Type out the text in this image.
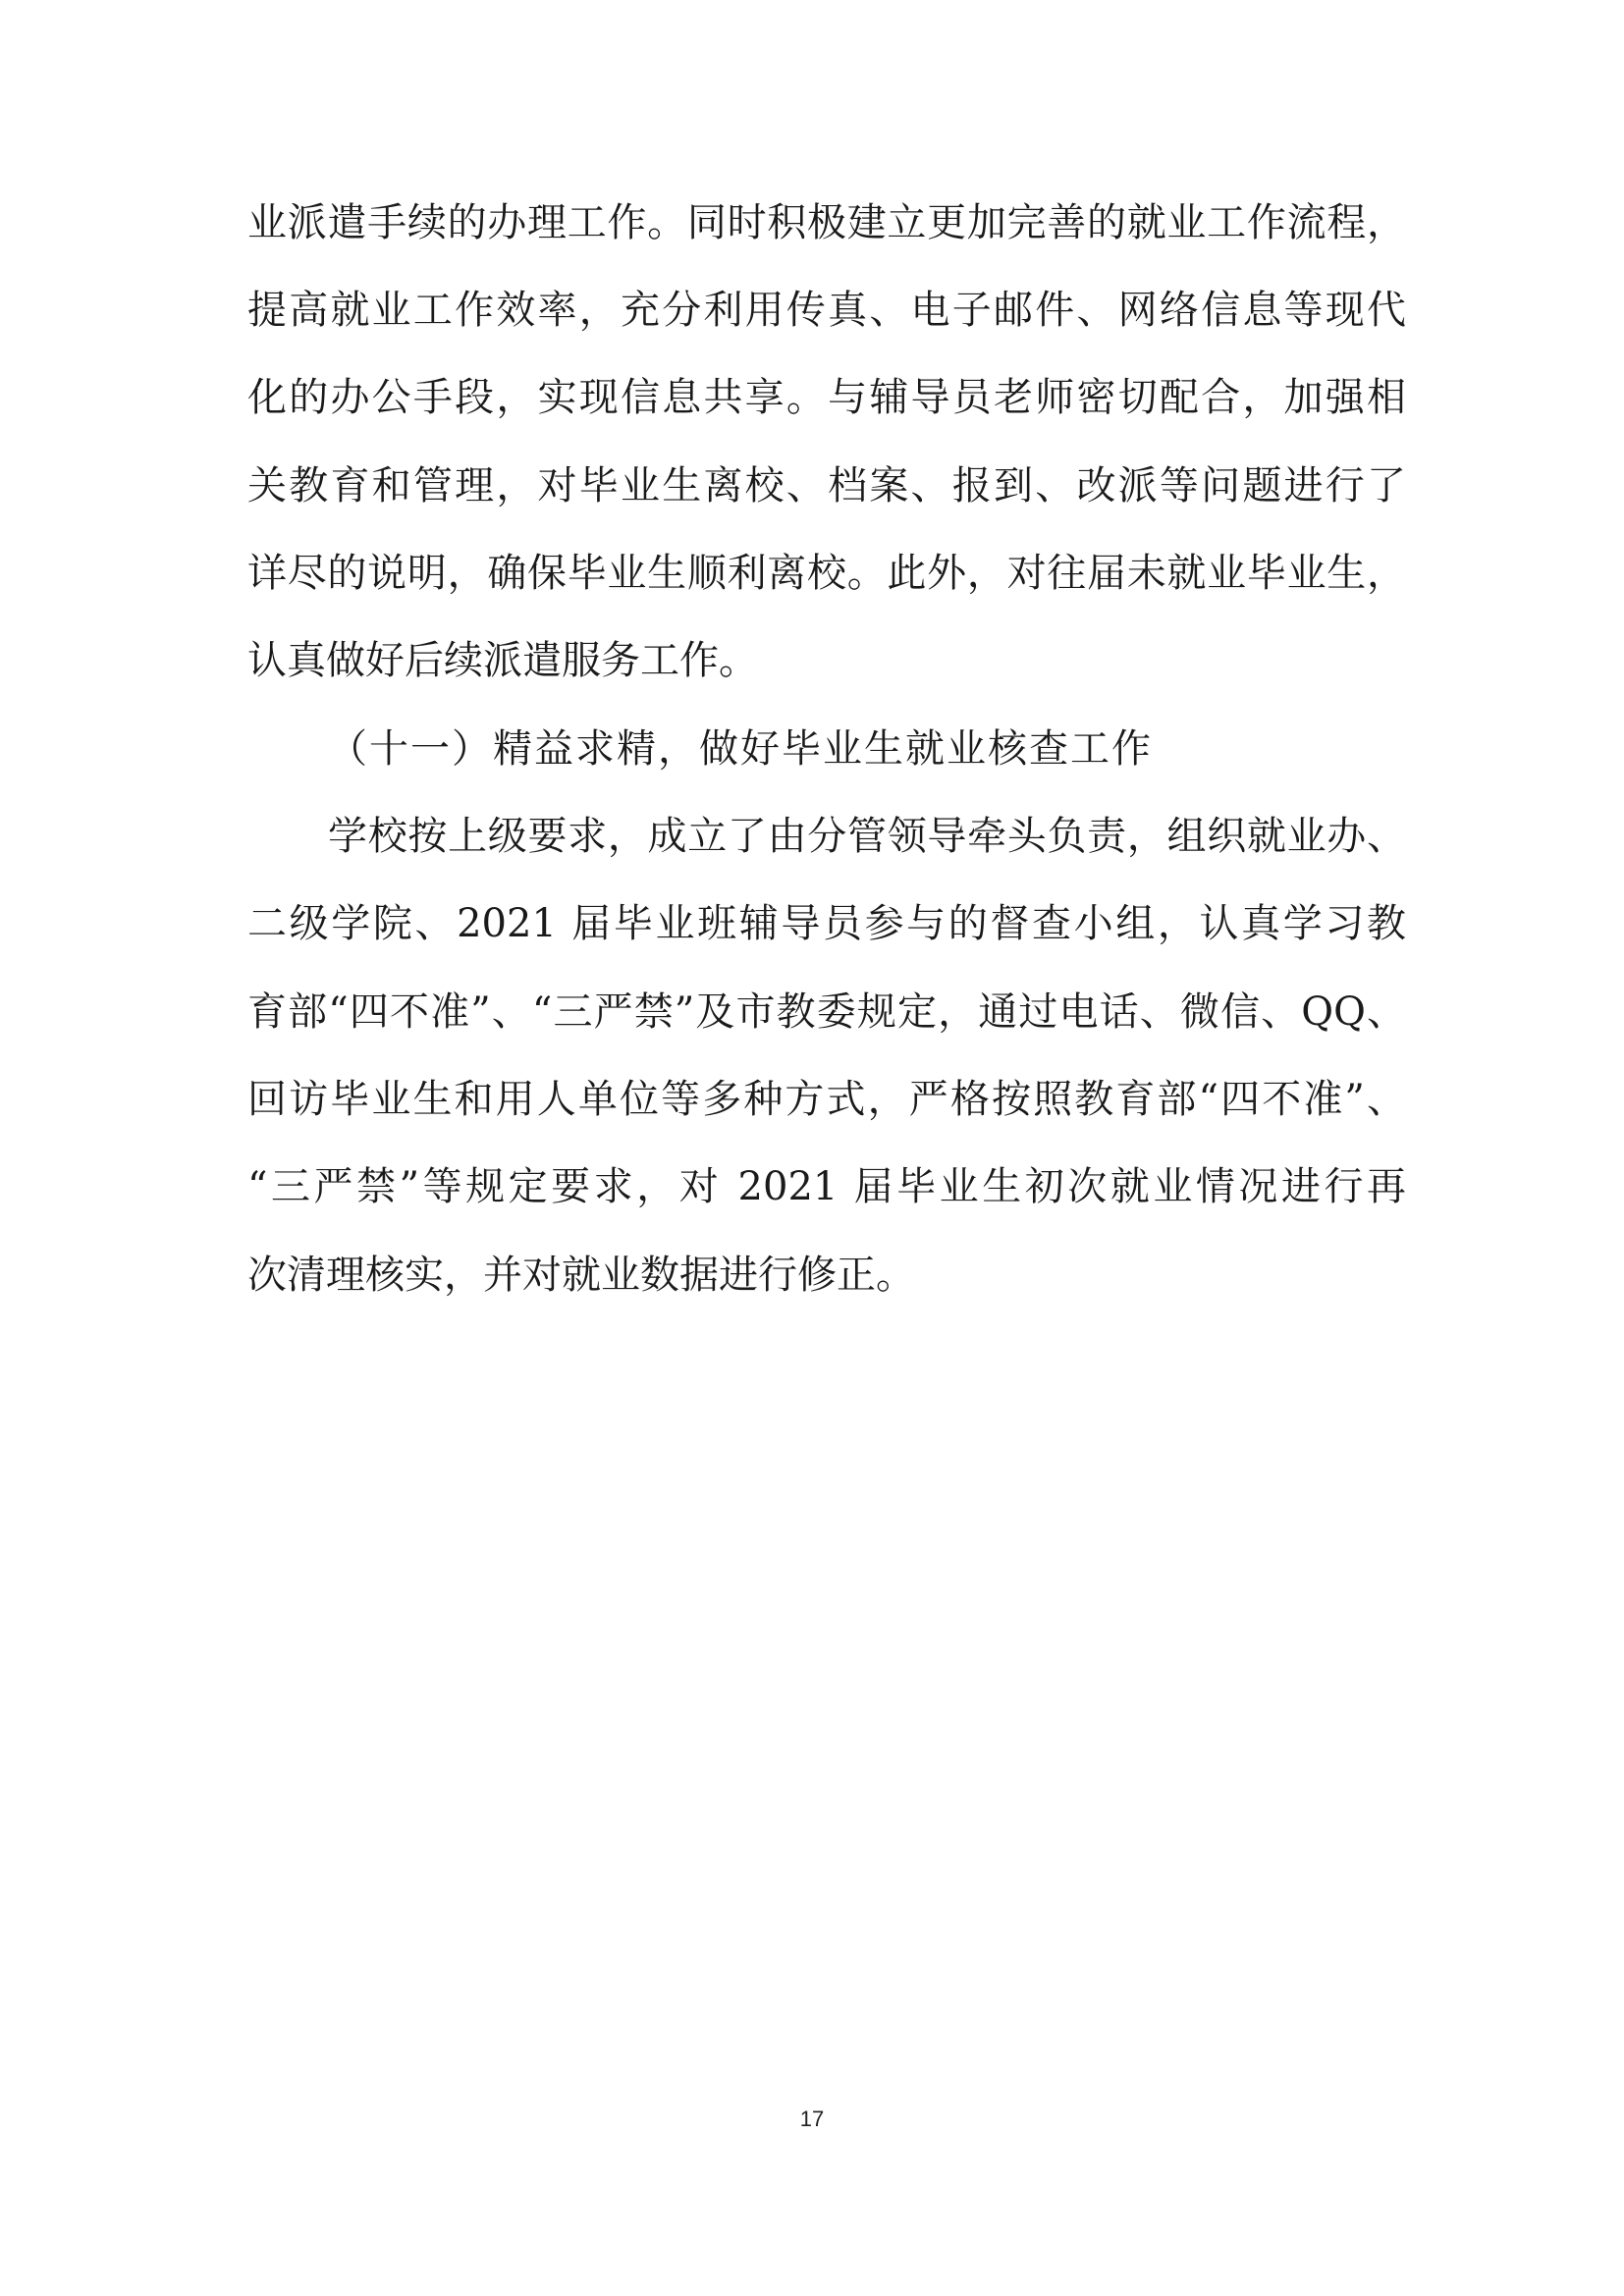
业派遣手续的办理工作。同时积极建立更加完善的就业工作流程，
提高就业工作效率，充分利用传真、电子邮件、网络信息等现代
化的办公手段，实现信息共享。与辅导员老师密切配合，加强相
关教育和管理，对毕业生离校、档案、报到、改派等问题进行了
详尽的说明，确保毕业生顺利离校。此外，对往届未就业毕业生，
认真做好后续派遣服务工作。
（十一）精益求精，做好毕业生就业核查工作
学校按上级要求，成立了由分管领导牵头负责，组织就业办、
二级学院、2021 届毕业班辅导员参与的督查小组，认真学习教
育部“四不准”、“三严禁”及市教委规定，通过电话、微信、QQ、
回访毕业生和用人单位等多种方式，严格按照教育部“四不准”、
“三严禁”等规定要求，对 2021 届毕业生初次就业情况进行再
次清理核实，并对就业数据进行修正。
17
